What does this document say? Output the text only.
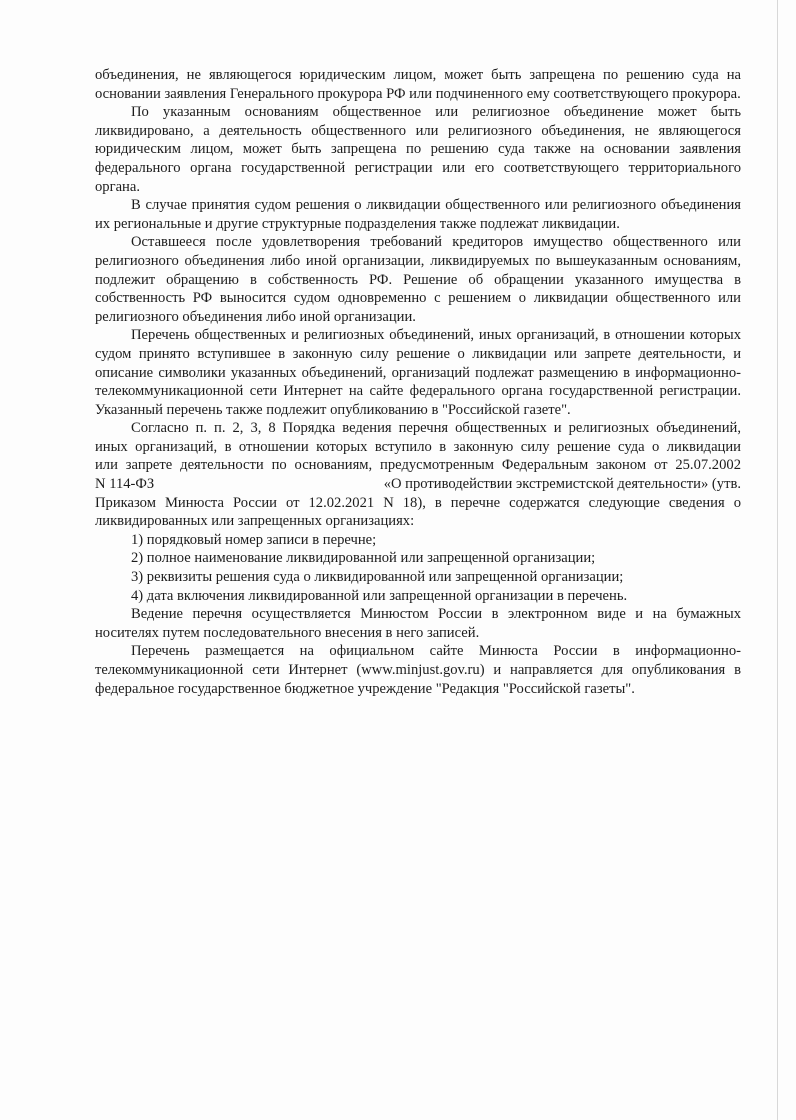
объединения, не являющегося юридическим лицом, может быть запрещена по решению суда на основании заявления Генерального прокурора РФ или подчиненного ему соответствующего прокурора.

По указанным основаниям общественное или религиозное объединение может быть ликвидировано, а деятельность общественного или религиозного объединения, не являющегося юридическим лицом, может быть запрещена по решению суда также на основании заявления федерального органа государственной регистрации или его соответствующего территориального органа.

В случае принятия судом решения о ликвидации общественного или религиозного объединения их региональные и другие структурные подразделения также подлежат ликвидации.

Оставшееся после удовлетворения требований кредиторов имущество общественного или религиозного объединения либо иной организации, ликвидируемых по вышеуказанным основаниям, подлежит обращению в собственность РФ. Решение об обращении указанного имущества в собственность РФ выносится судом одновременно с решением о ликвидации общественного или религиозного объединения либо иной организации.

Перечень общественных и религиозных объединений, иных организаций, в отношении которых судом принято вступившее в законную силу решение о ликвидации или запрете деятельности, и описание символики указанных объединений, организаций подлежат размещению в информационно-телекоммуникационной сети Интернет на сайте федерального органа государственной регистрации. Указанный перечень также подлежит опубликованию в "Российской газете".

Согласно п. п. 2, 3, 8 Порядка ведения перечня общественных и религиозных объединений,
иных организаций, в отношении которых вступило в законную силу решение суда о ликвидации
или запрете деятельности по основаниям, предусмотренным Федеральным законом от 25.07.2002
N 114-ФЗ	«О противодействии экстремистской деятельности» (утв.
Приказом Минюста России от 12.02.2021 N 18), в перечне содержатся следующие сведения о
ликвидированных или запрещенных организациях:

1) порядковый номер записи в перечне;

2) полное наименование ликвидированной или запрещенной организации;

3) реквизиты решения суда о ликвидированной или запрещенной организации;

4) дата включения ликвидированной или запрещенной организации в перечень.

Ведение перечня осуществляется Минюстом России в электронном виде и на бумажных носителях путем последовательного внесения в него записей.

Перечень размещается на официальном сайте Минюста России в информационно-телекоммуникационной сети Интернет (www.minjust.gov.ru) и направляется для опубликования в федеральное государственное бюджетное учреждение "Редакция "Российской газеты".
